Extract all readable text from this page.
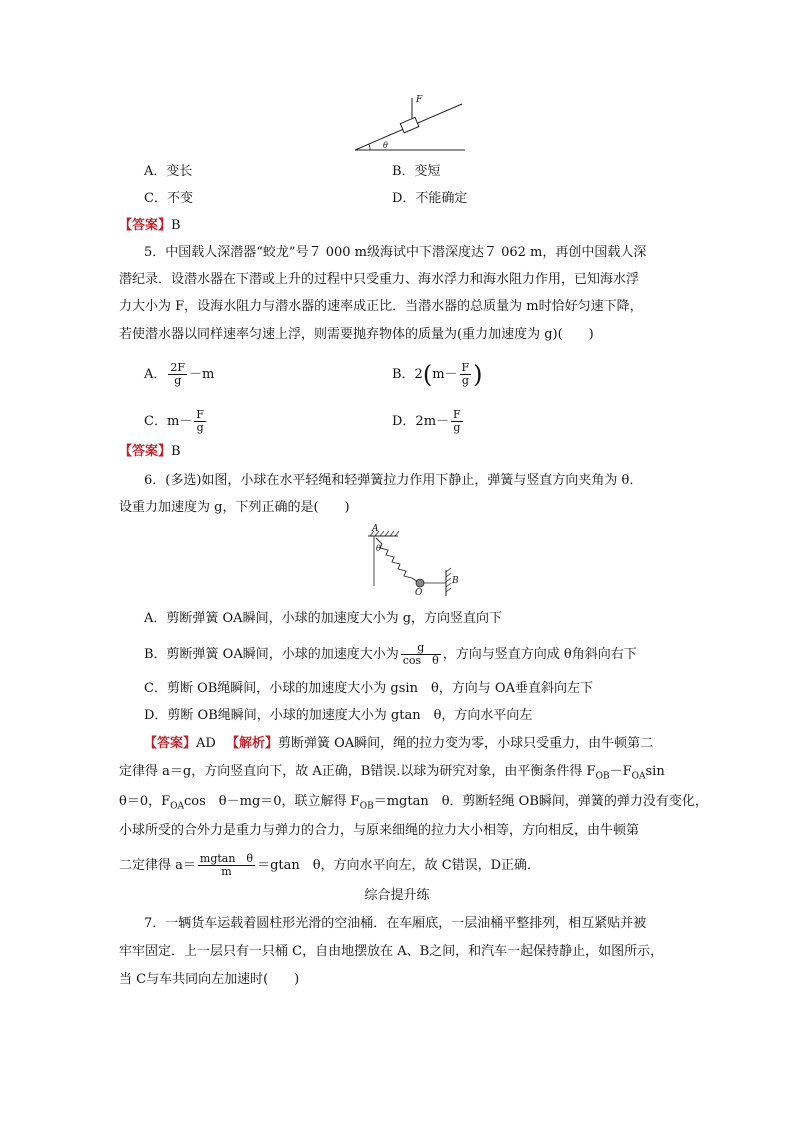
F
θ
A．变长	B．变短
C．不变	D．不能确定
【答案】B
5．中国载人深潜器“蛟龙”号７ 000 m级海试中下潜深度达７ 062 m，再创中国载人深
潜纪录．设潜水器在下潜或上升的过程中只受重力、海水浮力和海水阻力作用，已知海水浮
力大小为 F，设海水阻力与潜水器的速率成正比．当潜水器的总质量为 m时恰好匀速下降，
若使潜水器以同样速率匀速上浮，则需要抛弃物体的质量为(重力加速度为 g)(　　)
A． $\frac{2F}{g} -m$	B．$2(m- \frac{F}{g}$ )
C．$m- \frac{F}{g}$	D．$2m- \frac{F}{g}$
【答案】B
6．(多选)如图，小球在水平轻绳和轻弹簧拉力作用下静止，弹簧与竖直方向夹角为 θ．
设重力加速度为 g，下列正确的是(　　)
A
θ
B
O
A．剪断弹簧 OA瞬间，小球的加速度大小为 g，方向竖直向下
B．剪断弹簧 OA瞬间，小球的加速度大小为 $\frac{g}{\text{cos　θ}}$ ，方向与竖直方向成 θ角斜向右下
C．剪断 OB绳瞬间，小球的加速度大小为 gsin　θ，方向与 OA垂直斜向左下
D．剪断 OB绳瞬间，小球的加速度大小为 gtan　θ，方向水平向左
【答案】AD 【解析】剪断弹簧 OA瞬间，绳的拉力变为零，小球只受重力，由牛顿第二
定律得 a＝g，方向竖直向下，故 A正确，B错误.以球为研究对象，由平衡条件得 $F_{OB}-F_{OA}\sin$
θ＝0，$F_{OA}\cos$　θ－mg＝0，联立解得 $F_{OB}=mgtan$　θ．剪断轻绳 OB瞬间，弹簧的弹力没有变化，
小球所受的合外力是重力与弹力的合力，与原来细绳的拉力大小相等，方向相反，由牛顿第
二定律得 $a= \frac{\text{mgtan　θ}}{m} =gtan$　θ，方向水平向左，故 C错误，D正确．
综合提升练
7．一辆货车运载着圆柱形光滑的空油桶．在车厢底，一层油桶平整排列，相互紧贴并被
牢牢固定．上一层只有一只桶 C，自由地摆放在 A、B之间，和汽车一起保持静止，如图所示，
当 C与车共同向左加速时(　　)
